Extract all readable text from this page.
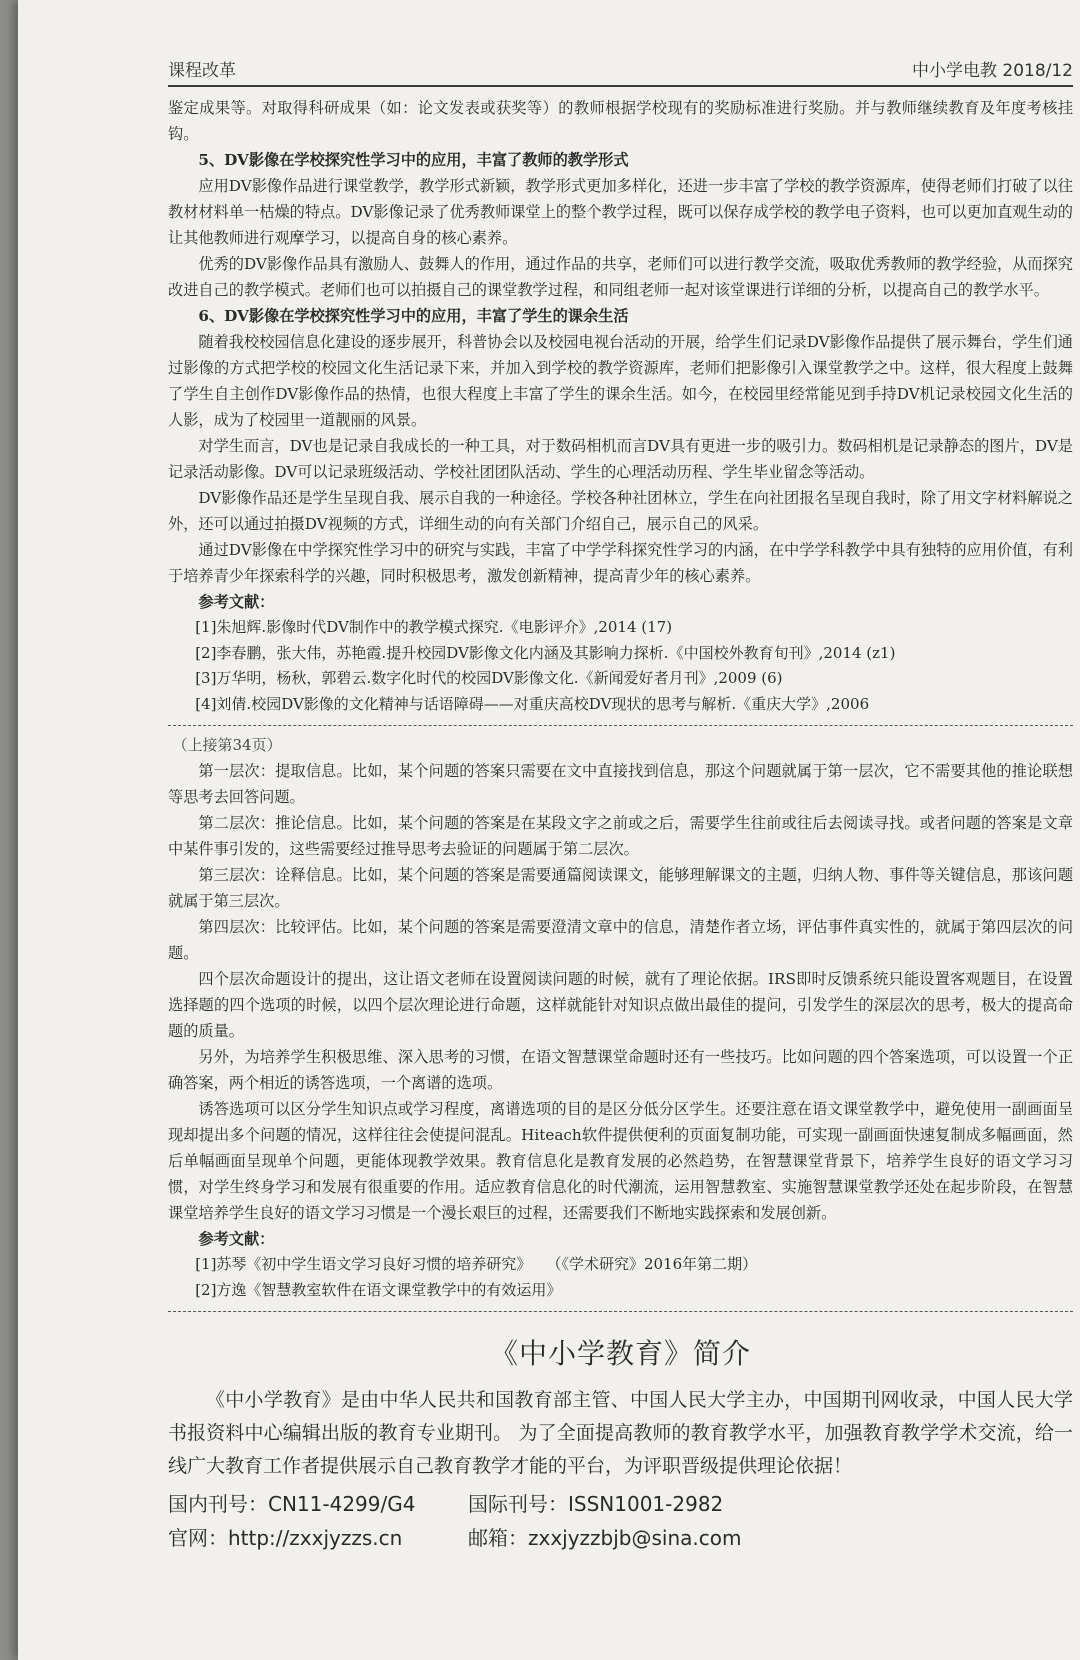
课程改革	中小学电教 2018/12

鉴定成果等。对取得科研成果（如：论文发表或获奖等）的教师根据学校现有的奖励标准进行奖励。并与教师继续教育及年度考核挂钩。

5、DV影像在学校探究性学习中的应用，丰富了教师的教学形式

应用DV影像作品进行课堂教学，教学形式新颖，教学形式更加多样化，还进一步丰富了学校的教学资源库，使得老师们打破了以往教材材料单一枯燥的特点。DV影像记录了优秀教师课堂上的整个教学过程，既可以保存成学校的教学电子资料，也可以更加直观生动的让其他教师进行观摩学习，以提高自身的核心素养。

优秀的DV影像作品具有激励人、鼓舞人的作用，通过作品的共享，老师们可以进行教学交流，吸取优秀教师的教学经验，从而探究改进自己的教学模式。老师们也可以拍摄自己的课堂教学过程，和同组老师一起对该堂课进行详细的分析，以提高自己的教学水平。

6、DV影像在学校探究性学习中的应用，丰富了学生的课余生活

随着我校校园信息化建设的逐步展开，科普协会以及校园电视台活动的开展，给学生们记录DV影像作品提供了展示舞台，学生们通过影像的方式把学校的校园文化生活记录下来，并加入到学校的教学资源库，老师们把影像引入课堂教学之中。这样，很大程度上鼓舞了学生自主创作DV影像作品的热情，也很大程度上丰富了学生的课余生活。如今，在校园里经常能见到手持DV机记录校园文化生活的人影，成为了校园里一道靓丽的风景。

对学生而言，DV也是记录自我成长的一种工具，对于数码相机而言DV具有更进一步的吸引力。数码相机是记录静态的图片，DV是记录活动影像。DV可以记录班级活动、学校社团团队活动、学生的心理活动历程、学生毕业留念等活动。

DV影像作品还是学生呈现自我、展示自我的一种途径。学校各种社团林立，学生在向社团报名呈现自我时，除了用文字材料解说之外，还可以通过拍摄DV视频的方式，详细生动的向有关部门介绍自己，展示自己的风采。

通过DV影像在中学探究性学习中的研究与实践，丰富了中学学科探究性学习的内涵，在中学学科教学中具有独特的应用价值，有利于培养青少年探索科学的兴趣，同时积极思考，激发创新精神，提高青少年的核心素养。

参考文献：
[1]朱旭辉.影像时代DV制作中的教学模式探究.《电影评介》,2014 (17)
[2]李春鹏，张大伟，苏艳霞.提升校园DV影像文化内涵及其影响力探析.《中国校外教育旬刊》,2014 (z1)
[3]万华明，杨秋，郭碧云.数字化时代的校园DV影像文化.《新闻爱好者月刊》,2009 (6)
[4]刘倩.校园DV影像的文化精神与话语障碍——对重庆高校DV现状的思考与解析.《重庆大学》,2006
（上接第34页）

第一层次：提取信息。比如，某个问题的答案只需要在文中直接找到信息，那这个问题就属于第一层次，它不需要其他的推论联想等思考去回答问题。

第二层次：推论信息。比如，某个问题的答案是在某段文字之前或之后，需要学生往前或往后去阅读寻找。或者问题的答案是文章中某件事引发的，这些需要经过推导思考去验证的问题属于第二层次。

第三层次：诠释信息。比如，某个问题的答案是需要通篇阅读课文，能够理解课文的主题，归纳人物、事件等关键信息，那该问题就属于第三层次。

第四层次：比较评估。比如，某个问题的答案是需要澄清文章中的信息，清楚作者立场，评估事件真实性的，就属于第四层次的问题。

四个层次命题设计的提出，这让语文老师在设置阅读问题的时候，就有了理论依据。IRS即时反馈系统只能设置客观题目，在设置选择题的四个选项的时候，以四个层次理论进行命题，这样就能针对知识点做出最佳的提问，引发学生的深层次的思考，极大的提高命题的质量。

另外，为培养学生积极思维、深入思考的习惯，在语文智慧课堂命题时还有一些技巧。比如问题的四个答案选项，可以设置一个正确答案，两个相近的诱答选项，一个离谱的选项。

诱答选项可以区分学生知识点或学习程度，离谱选项的目的是区分低分区学生。还要注意在语文课堂教学中，避免使用一副画面呈现却提出多个问题的情况，这样往往会使提问混乱。Hiteach软件提供便利的页面复制功能，可实现一副画面快速复制成多幅画面，然后单幅画面呈现单个问题，更能体现教学效果。教育信息化是教育发展的必然趋势，在智慧课堂背景下，培养学生良好的语文学习习惯，对学生终身学习和发展有很重要的作用。适应教育信息化的时代潮流，运用智慧教室、实施智慧课堂教学还处在起步阶段，在智慧课堂培养学生良好的语文学习习惯是一个漫长艰巨的过程，还需要我们不断地实践探索和发展创新。

参考文献：
[1]苏琴《初中学生语文学习良好习惯的培养研究》　　（《学术研究》2016年第二期）
[2]方逸《智慧教室软件在语文课堂教学中的有效运用》
《中小学教育》简介

《中小学教育》是由中华人民共和国教育部主管、中国人民大学主办，中国期刊网收录，中国人民大学书报资料中心编辑出版的教育专业期刊。 为了全面提高教师的教育教学水平，加强教育教学学术交流，给一线广大教育工作者提供展示自己教育教学才能的平台，为评职晋级提供理论依据！

国内刊号：CN11-4299/G4	国际刊号：ISSN1001-2982
官网：http://zxxjyzzs.cn	邮箱：zxxjyzzbjb@sina.com
